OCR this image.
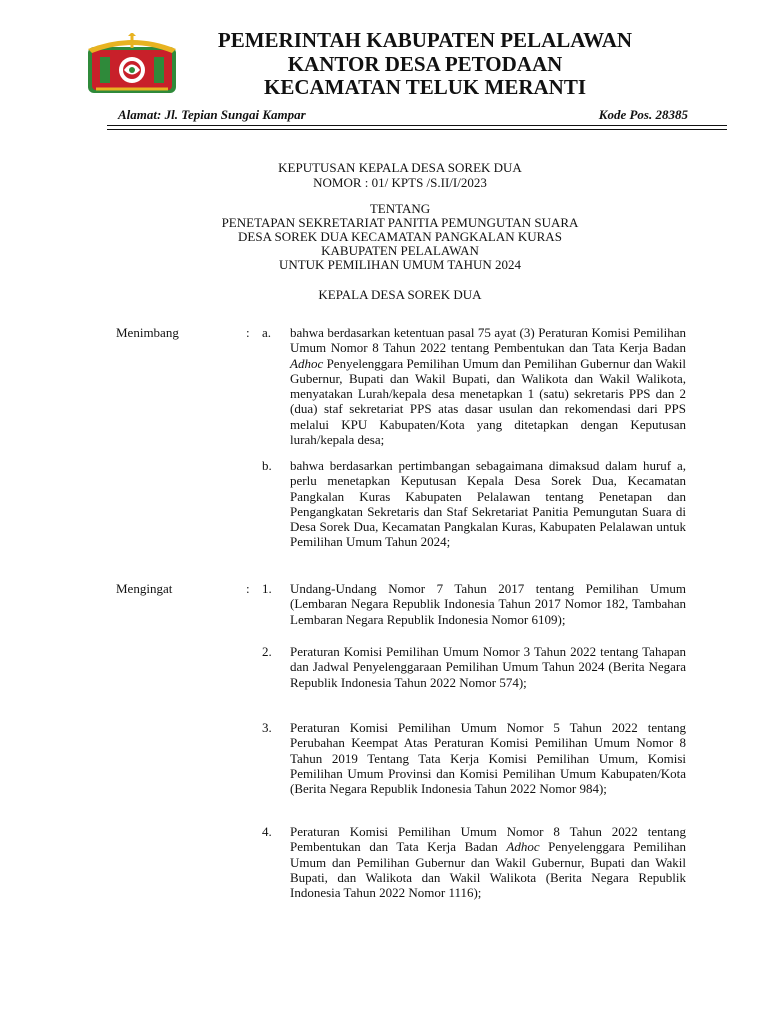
PEMERINTAH KABUPATEN PELALAWAN
KANTOR DESA PETODAAN
KECAMATAN TELUK MERANTI
Alamat: Jl. Tepian Sungai Kampar	Kode Pos. 28385
KEPUTUSAN KEPALA DESA SOREK DUA
NOMOR : 01/ KPTS /S.II/I/2023
TENTANG
PENETAPAN SEKRETARIAT PANITIA PEMUNGUTAN SUARA
DESA SOREK DUA KECAMATAN PANGKALAN KURAS
KABUPATEN PELALAWAN
UNTUK PEMILIHAN UMUM TAHUN 2024
KEPALA DESA SOREK DUA
Menimbang	: a. bahwa berdasarkan ketentuan pasal 75 ayat (3) Peraturan Komisi Pemilihan Umum Nomor 8 Tahun 2022 tentang Pembentukan dan Tata Kerja Badan Adhoc Penyelenggara Pemilihan Umum dan Pemilihan Gubernur dan Wakil Gubernur, Bupati dan Wakil Bupati, dan Walikota dan Wakil Walikota, menyatakan Lurah/kepala desa menetapkan 1 (satu) sekretaris PPS dan 2 (dua) staf sekretariat PPS atas dasar usulan dan rekomendasi dari PPS melalui KPU Kabupaten/Kota yang ditetapkan dengan Keputusan lurah/kepala desa;

b. bahwa berdasarkan pertimbangan sebagaimana dimaksud dalam huruf a, perlu menetapkan Keputusan Kepala Desa Sorek Dua, Kecamatan Pangkalan Kuras Kabupaten Pelalawan tentang Penetapan dan Pengangkatan Sekretaris dan Staf Sekretariat Panitia Pemungutan Suara di Desa Sorek Dua, Kecamatan Pangkalan Kuras, Kabupaten Pelalawan untuk Pemilihan Umum Tahun 2024;

Mengingat	: 1. Undang-Undang Nomor 7 Tahun 2017 tentang Pemilihan Umum (Lembaran Negara Republik Indonesia Tahun 2017 Nomor 182, Tambahan Lembaran Negara Republik Indonesia Nomor 6109);

2. Peraturan Komisi Pemilihan Umum Nomor 3 Tahun 2022 tentang Tahapan dan Jadwal Penyelenggaraan Pemilihan Umum Tahun 2024 (Berita Negara Republik Indonesia Tahun 2022 Nomor 574);

3. Peraturan Komisi Pemilihan Umum Nomor 5 Tahun 2022 tentang Perubahan Keempat Atas Peraturan Komisi Pemilihan Umum Nomor 8 Tahun 2019 Tentang Tata Kerja Komisi Pemilihan Umum, Komisi Pemilihan Umum Provinsi dan Komisi Pemilihan Umum Kabupaten/Kota (Berita Negara Republik Indonesia Tahun 2022 Nomor 984);

4. Peraturan Komisi Pemilihan Umum Nomor 8 Tahun 2022 tentang Pembentukan dan Tata Kerja Badan Adhoc Penyelenggara Pemilihan Umum dan Pemilihan Gubernur dan Wakil Gubernur, Bupati dan Wakil Bupati, dan Walikota dan Wakil Walikota (Berita Negara Republik Indonesia Tahun 2022 Nomor 1116);
